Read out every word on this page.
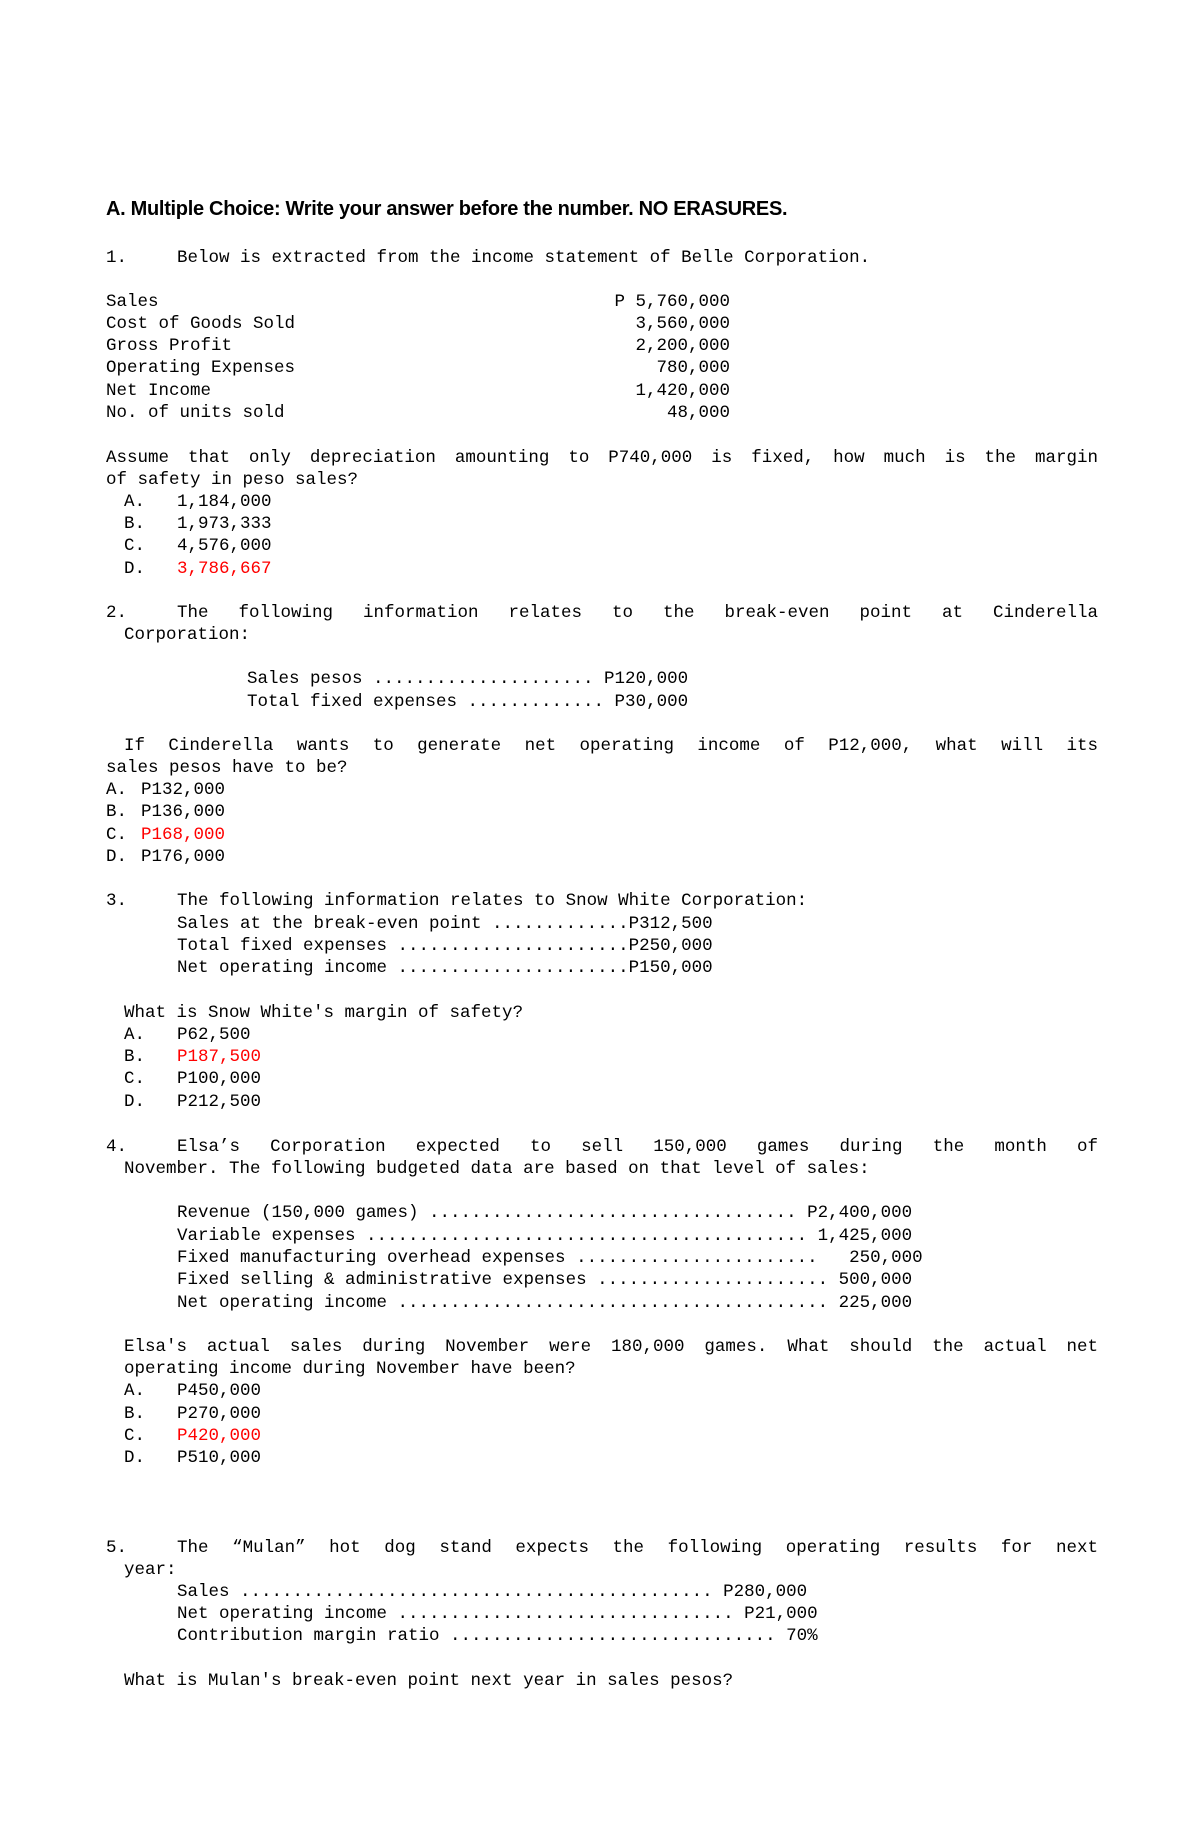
A. Multiple Choice: Write your answer before the number. NO ERASURES.
1.	Below is extracted from the income statement of Belle Corporation.
Sales	P 5,760,000
Cost of Goods Sold	3,560,000
Gross Profit	2,200,000
Operating Expenses	780,000
Net Income	1,420,000
No. of units sold	48,000
Assume that only depreciation amounting to P740,000 is fixed, how much is the margin
of safety in peso sales?
A. 1,184,000
B. 1,973,333
C. 4,576,000
D. 3,786,667
2.	The following information relates to the break-even point at Cinderella
Corporation:
Sales pesos ..................... P120,000
Total fixed expenses ............. P30,000
If Cinderella wants to generate net operating income of P12,000, what will its
sales pesos have to be?
A. P132,000
B. P136,000
C. P168,000
D. P176,000
3.	The following information relates to Snow White Corporation:
Sales at the break-even point .............P312,500
Total fixed expenses ......................P250,000
Net operating income ......................P150,000
What is Snow White's margin of safety?
A. P62,500
B. P187,500
C. P100,000
D. P212,500
4.	Elsa’s Corporation expected to sell 150,000 games during the month of
November. The following budgeted data are based on that level of sales:
Revenue (150,000 games) ................................... P2,400,000
Variable expenses .......................................... 1,425,000
Fixed manufacturing overhead expenses .......................   250,000
Fixed selling & administrative expenses ...................... 500,000
Net operating income ......................................... 225,000
Elsa's actual sales during November were 180,000 games. What should the actual net
operating income during November have been?
A. P450,000
B. P270,000
C. P420,000
D. P510,000
5.	The “Mulan” hot dog stand expects the following operating results for next
year:
Sales ............................................. P280,000
Net operating income ................................ P21,000
Contribution margin ratio ............................... 70%
What is Mulan's break-even point next year in sales pesos?
